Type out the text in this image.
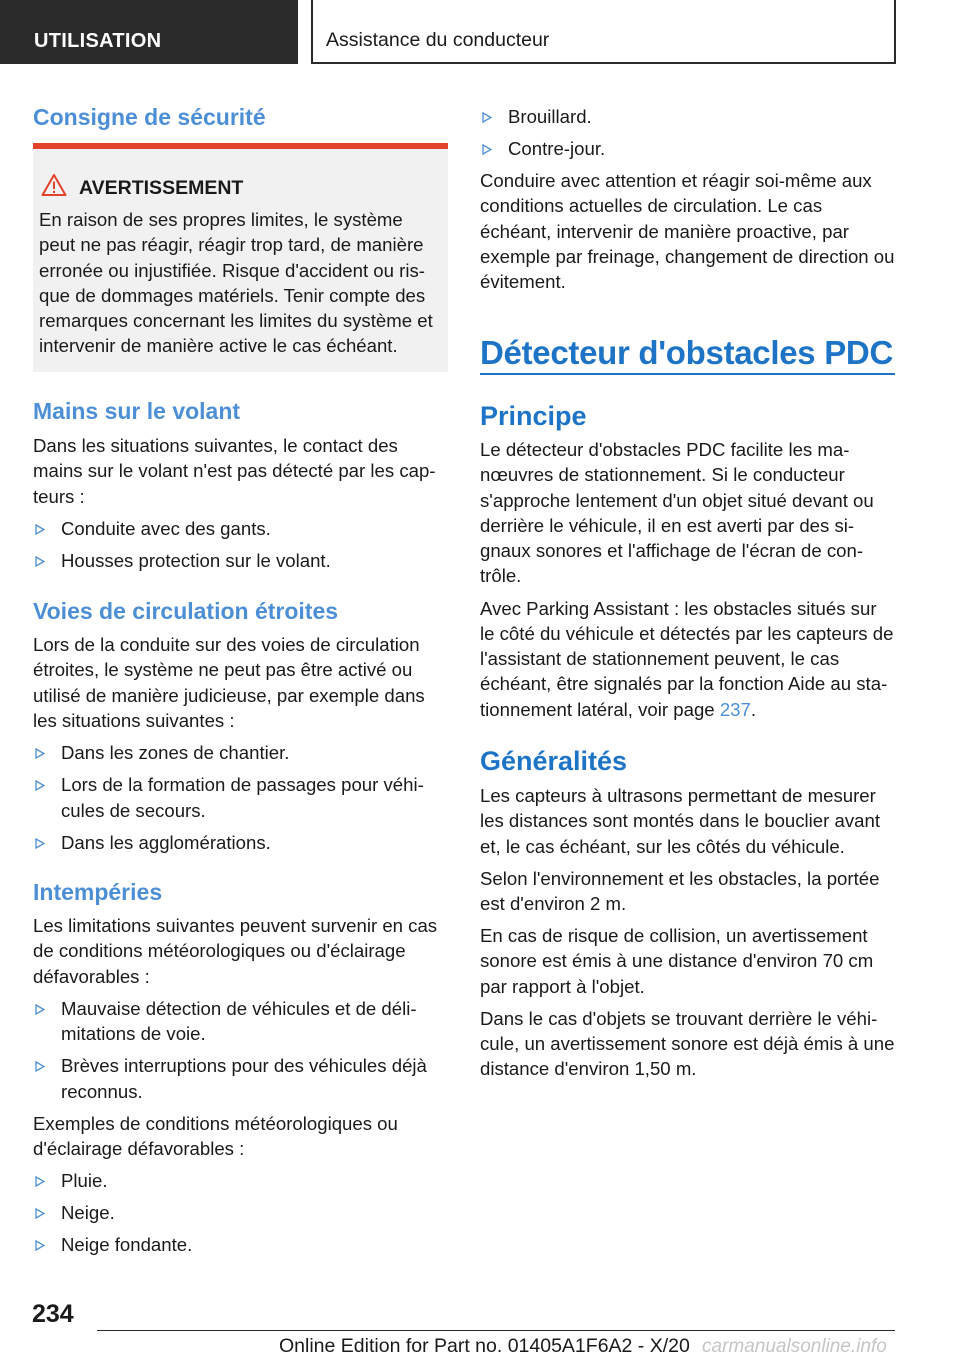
UTILISATION	Assistance du conducteur
Consigne de sécurité
AVERTISSEMENT
En raison de ses propres limites, le système peut ne pas réagir, réagir trop tard, de manière erronée ou injustifiée. Risque d'accident ou ris-que de dommages matériels. Tenir compte des remarques concernant les limites du système et intervenir de manière active le cas échéant.
Mains sur le volant

Dans les situations suivantes, le contact des mains sur le volant n'est pas détecté par les cap-teurs :

Conduite avec des gants.
Housses protection sur le volant.
Voies de circulation étroites

Lors de la conduite sur des voies de circulation étroites, le système ne peut pas être activé ou utilisé de manière judicieuse, par exemple dans les situations suivantes :

Dans les zones de chantier.
Lors de la formation de passages pour véhi-cules de secours.
Dans les agglomérations.
Intempéries

Les limitations suivantes peuvent survenir en cas de conditions météorologiques ou d'éclairage défavorables :

Mauvaise détection de véhicules et de déli-mitations de voie.
Brèves interruptions pour des véhicules déjà reconnus.

Exemples de conditions météorologiques ou d'éclairage défavorables :

Pluie.
Neige.
Neige fondante.
Brouillard.
Contre-jour.

Conduire avec attention et réagir soi-même aux conditions actuelles de circulation. Le cas échéant, intervenir de manière proactive, par exemple par freinage, changement de direction ou évitement.

Détecteur d'obstacles PDC
Principe

Le détecteur d'obstacles PDC facilite les ma-nœuvres de stationnement. Si le conducteur s'approche lentement d'un objet situé devant ou derrière le véhicule, il en est averti par des si-gnaux sonores et l'affichage de l'écran de con-trôle.

Avec Parking Assistant : les obstacles situés sur le côté du véhicule et détectés par les capteurs de l'assistant de stationnement peuvent, le cas échéant, être signalés par la fonction Aide au sta-tionnement latéral, voir page 237.

Généralités

Les capteurs à ultrasons permettant de mesurer les distances sont montés dans le bouclier avant et, le cas échéant, sur les côtés du véhicule.

Selon l'environnement et les obstacles, la portée est d'environ 2 m.

En cas de risque de collision, un avertissement sonore est émis à une distance d'environ 70 cm par rapport à l'objet.

Dans le cas d'objets se trouvant derrière le véhi-cule, un avertissement sonore est déjà émis à une distance d'environ 1,50 m.

234
Online Edition for Part no. 01405A1F6A2 - X/20 carmanualsonline.info
